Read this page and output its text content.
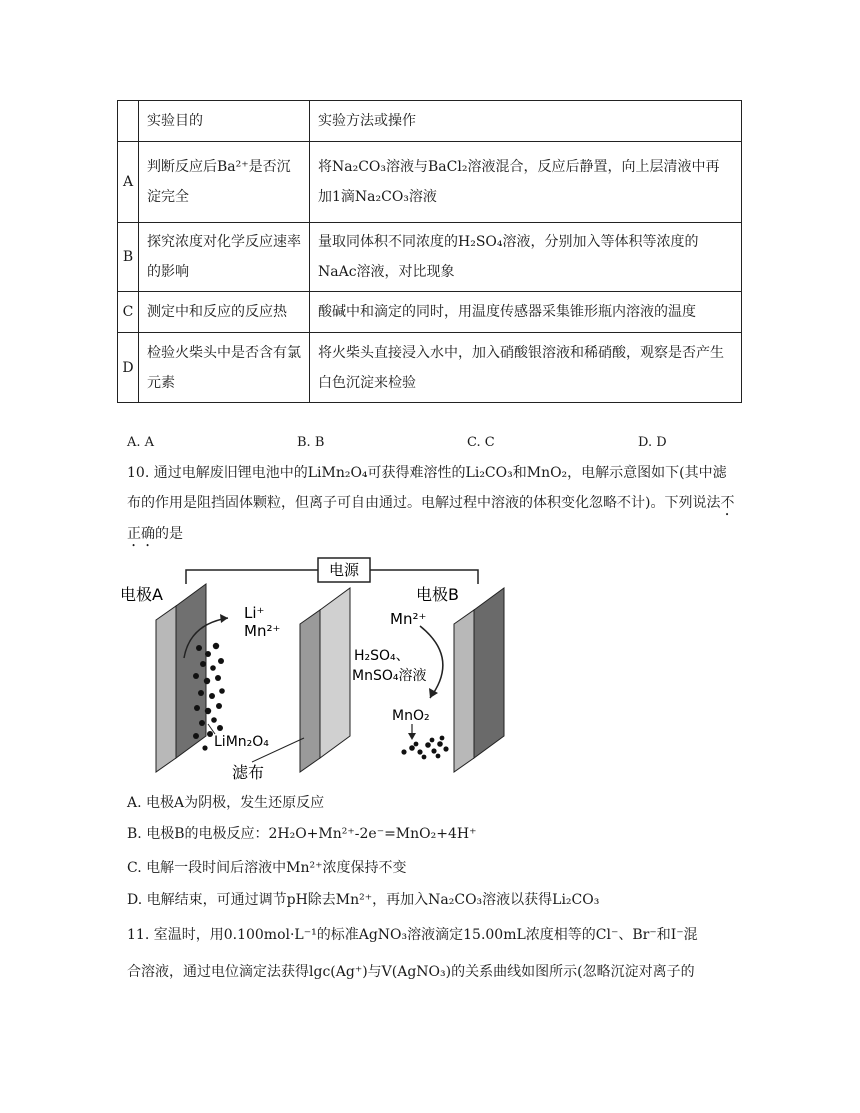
	实验目的	实验方法或操作
A	判断反应后Ba²⁺是否沉淀完全	将Na₂CO₃溶液与BaCl₂溶液混合，反应后静置，向上层清液中再加1滴Na₂CO₃溶液
B	探究浓度对化学反应速率的影响	量取同体积不同浓度的H₂SO₄溶液，分别加入等体积等浓度的NaAc溶液，对比现象
C	测定中和反应的反应热	酸碱中和滴定的同时，用温度传感器采集锥形瓶内溶液的温度
D	检验火柴头中是否含有氯元素	将火柴头直接浸入水中，加入硝酸银溶液和稀硝酸，观察是否产生白色沉淀来检验
A. A	B. B	C. C	D. D
10. 通过电解废旧锂电池中的LiMn₂O₄可获得难溶性的Li₂CO₃和MnO₂，电解示意图如下(其中滤布的作用是阻挡固体颗粒，但离子可自由通过。电解过程中溶液的体积变化忽略不计)。下列说法不正确的是
电源
电极A
LiMn₂O₄
Li⁺
Mn²⁺
滤布
H₂SO₄、
MnSO₄溶液
电极B
Mn²⁺
MnO₂
A. 电极A为阴极，发生还原反应
B. 电极B的电极反应：2H₂O+Mn²⁺-2e⁻=MnO₂+4H⁺
C. 电解一段时间后溶液中Mn²⁺浓度保持不变
D. 电解结束，可通过调节pH除去Mn²⁺，再加入Na₂CO₃溶液以获得Li₂CO₃
11. 室温时，用0.100mol·L⁻¹的标准AgNO₃溶液滴定15.00mL浓度相等的Cl⁻、Br⁻和I⁻混
合溶液，通过电位滴定法获得lgc(Ag⁺)与V(AgNO₃)的关系曲线如图所示(忽略沉淀对离子的
